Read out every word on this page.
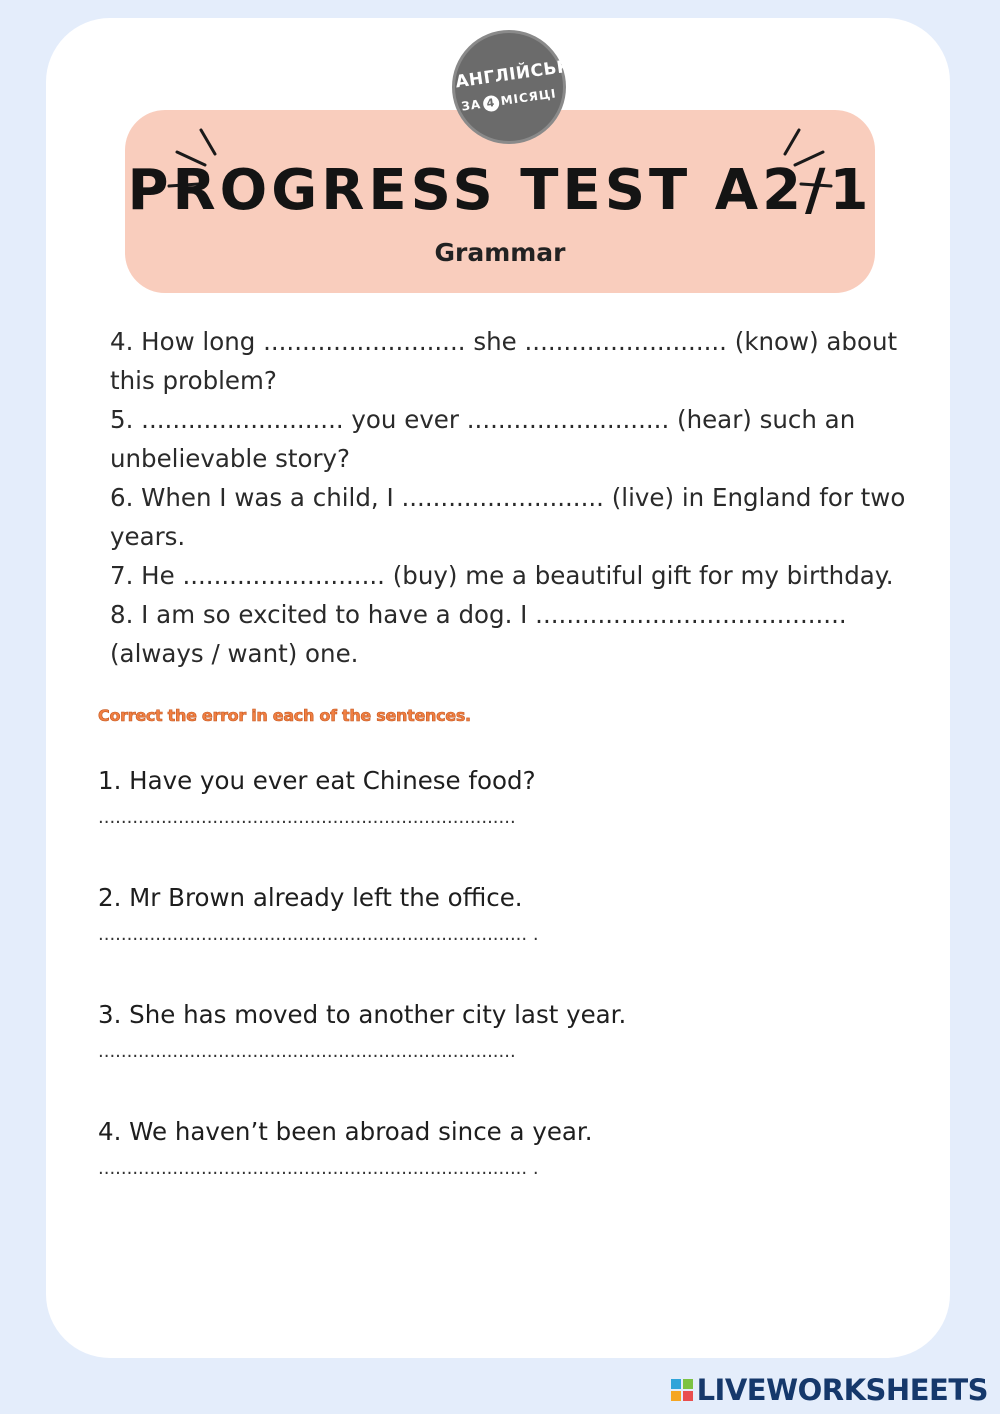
АНГЛІЙСЬКА
ЗА 4 МІСЯЦІ
PROGRESS TEST A2/1
Grammar

4. How long .......................... she .......................... (know) about this problem?

5. .......................... you ever .......................... (hear) such an unbelievable story?

6. When I was a child, I .......................... (live) in England for two years.

7. He .......................... (buy) me a beautiful gift for my birthday.

8. I am so excited to have a dog. I ........................................ (always / want) one.

Correct the error in each of the sentences.
1. Have you ever eat Chinese food?
.........................................................................
2. Mr Brown already left the office.
........................................................................... .
3. She has moved to another city last year.
.........................................................................
4. We haven’t been abroad since a year.
........................................................................... .
LIVEWORKSHEETS
